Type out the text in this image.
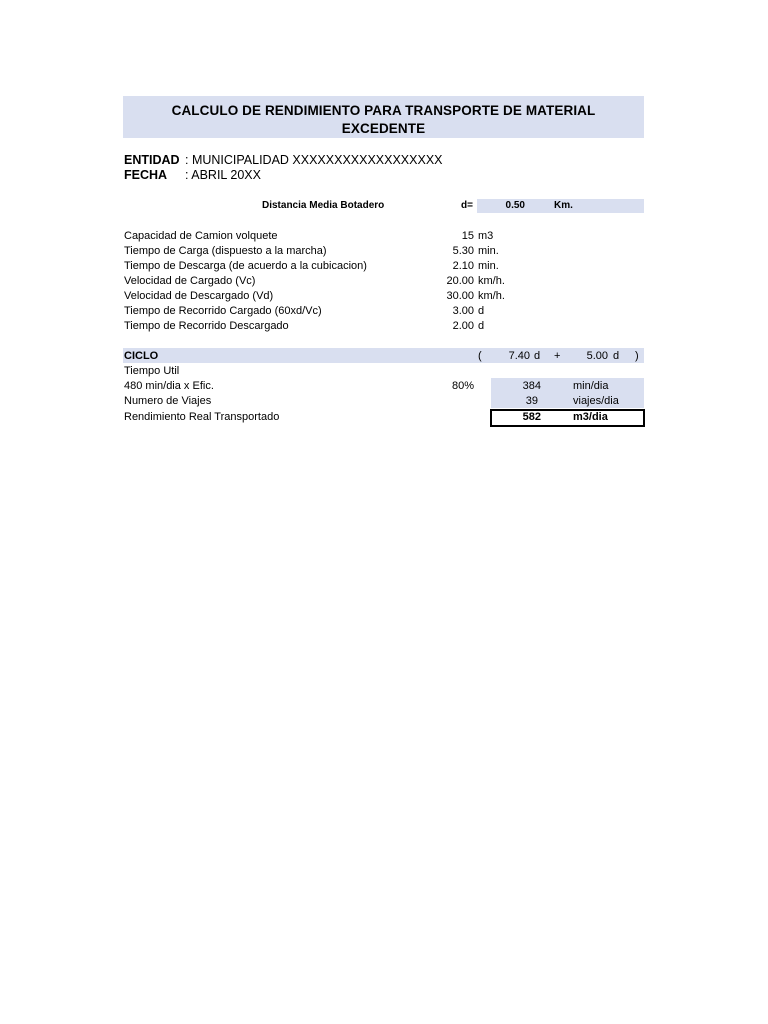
CALCULO DE RENDIMIENTO PARA TRANSPORTE DE MATERIAL
EXCEDENTE
ENTIDAD : MUNICIPALIDAD XXXXXXXXXXXXXXXXXX
FECHA : ABRIL 20XX
Distancia Media Botadero	d=	0.50	Km.
Capacidad de Camion volquete	15 m3
Tiempo de Carga (dispuesto a la marcha)	5.30 min.
Tiempo de Descarga (de acuerdo a la cubicacion)	2.10 min.
Velocidad de Cargado (Vc)	20.00 km/h.
Velocidad de Descargado (Vd)	30.00 km/h.
Tiempo de Recorrido Cargado (60xd/Vc)	3.00 d
Tiempo de Recorrido Descargado	2.00 d
CICLO	(	7.40 d +	5.00 d )
Tiempo Util
480 min/dia x Efic.	80%	384	min/dia
Numero de Viajes	39	viajes/dia
Rendimiento Real Transportado	582	m3/dia
